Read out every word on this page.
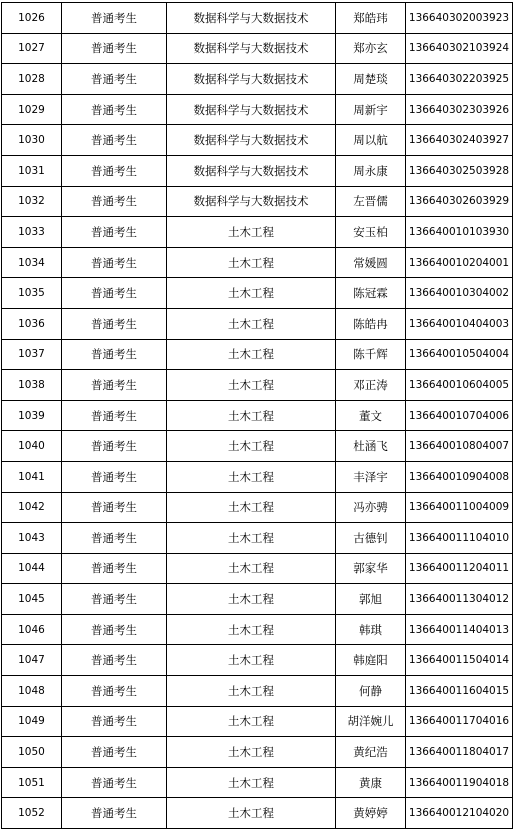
1026	普通考生	数据科学与大数据技术	郑皓玮	136640302003923
1027	普通考生	数据科学与大数据技术	郑亦玄	136640302103924
1028	普通考生	数据科学与大数据技术	周楚琰	136640302203925
1029	普通考生	数据科学与大数据技术	周新宇	136640302303926
1030	普通考生	数据科学与大数据技术	周以航	136640302403927
1031	普通考生	数据科学与大数据技术	周永康	136640302503928
1032	普通考生	数据科学与大数据技术	左晋儒	136640302603929
1033	普通考生	土木工程	安玉柏	136640010103930
1034	普通考生	土木工程	常媛圆	136640010204001
1035	普通考生	土木工程	陈冠霖	136640010304002
1036	普通考生	土木工程	陈皓冉	136640010404003
1037	普通考生	土木工程	陈千辉	136640010504004
1038	普通考生	土木工程	邓正涛	136640010604005
1039	普通考生	土木工程	董文	136640010704006
1040	普通考生	土木工程	杜涵飞	136640010804007
1041	普通考生	土木工程	丰泽宇	136640010904008
1042	普通考生	土木工程	冯亦骋	136640011004009
1043	普通考生	土木工程	古德钊	136640011104010
1044	普通考生	土木工程	郭家华	136640011204011
1045	普通考生	土木工程	郭旭	136640011304012
1046	普通考生	土木工程	韩琪	136640011404013
1047	普通考生	土木工程	韩庭阳	136640011504014
1048	普通考生	土木工程	何静	136640011604015
1049	普通考生	土木工程	胡洋婉儿	136640011704016
1050	普通考生	土木工程	黄纪浩	136640011804017
1051	普通考生	土木工程	黄康	136640011904018
1052	普通考生	土木工程	黄婷婷	136640012104020
